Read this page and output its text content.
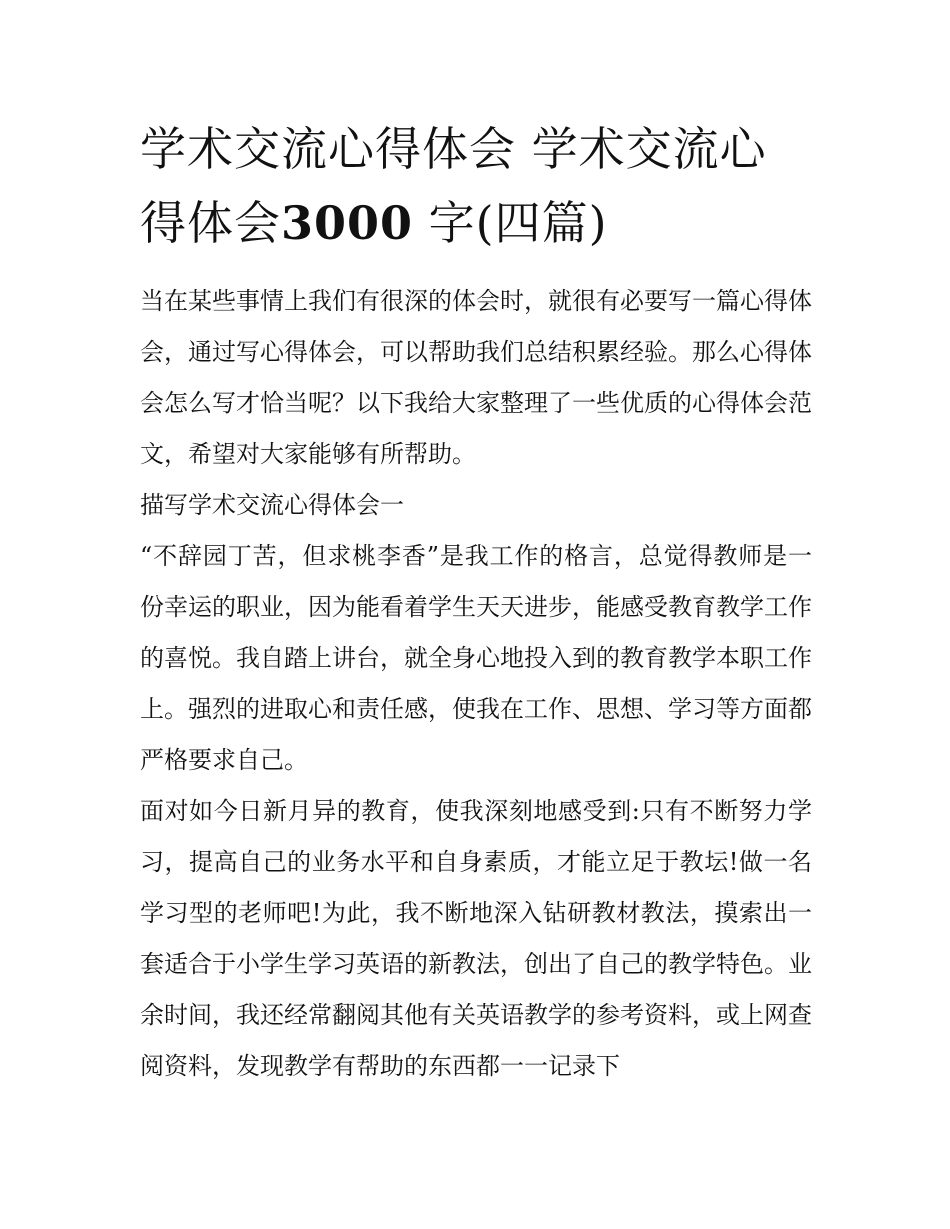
学术交流心得体会 学术交流心得体会3000 字(四篇)

当在某些事情上我们有很深的体会时，就很有必要写一篇心得体会，通过写心得体会，可以帮助我们总结积累经验。那么心得体会怎么写才恰当呢？以下我给大家整理了一些优质的心得体会范文，希望对大家能够有所帮助。

描写学术交流心得体会一

“不辞园丁苦，但求桃李香”是我工作的格言，总觉得教师是一份幸运的职业，因为能看着学生天天进步，能感受教育教学工作的喜悦。我自踏上讲台，就全身心地投入到的教育教学本职工作上。强烈的进取心和责任感，使我在工作、思想、学习等方面都严格要求自己。

面对如今日新月异的教育，使我深刻地感受到:只有不断努力学习，提高自己的业务水平和自身素质，才能立足于教坛!做一名学习型的老师吧!为此，我不断地深入钻研教材教法，摸索出一套适合于小学生学习英语的新教法，创出了自己的教学特色。业余时间，我还经常翻阅其他有关英语教学的参考资料，或上网查阅资料，发现教学有帮助的东西都一一记录下
